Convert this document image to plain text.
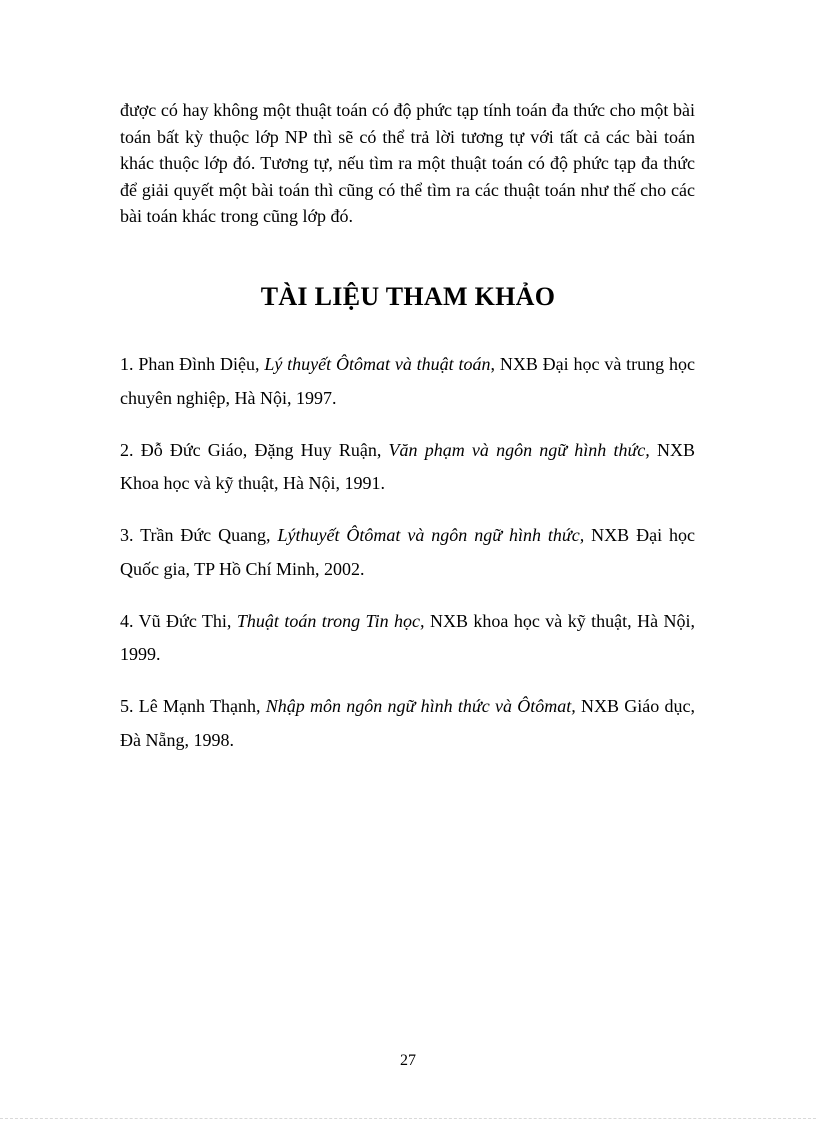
được có hay không một thuật toán có độ phức tạp tính toán đa thức cho một bài toán bất kỳ thuộc lớp NP thì sẽ có thể trả lời tương tự với tất cả các bài toán khác thuộc lớp đó. Tương tự, nếu tìm ra một thuật toán có độ phức tạp đa thức để giải quyết một bài toán thì cũng có thể tìm ra các thuật toán như thế cho các bài toán khác trong cũng lớp đó.

TÀI LIỆU THAM KHẢO
1. Phan Đình Diệu, Lý thuyết Ôtômat và thuật toán, NXB Đại học và trung học chuyên nghiệp, Hà Nội, 1997.
2. Đỗ Đức Giáo, Đặng Huy Ruận, Văn phạm và ngôn ngữ hình thức, NXB Khoa học và kỹ thuật, Hà Nội, 1991.
3. Trần Đức Quang, Lýthuyết Ôtômat và ngôn ngữ hình thức, NXB Đại học Quốc gia, TP Hồ Chí Minh, 2002.
4. Vũ Đức Thi, Thuật toán trong Tin học, NXB khoa học và kỹ thuật, Hà Nội, 1999.
5. Lê Mạnh Thạnh, Nhập môn ngôn ngữ hình thức và Ôtômat, NXB Giáo dục, Đà Nẵng, 1998.
27
